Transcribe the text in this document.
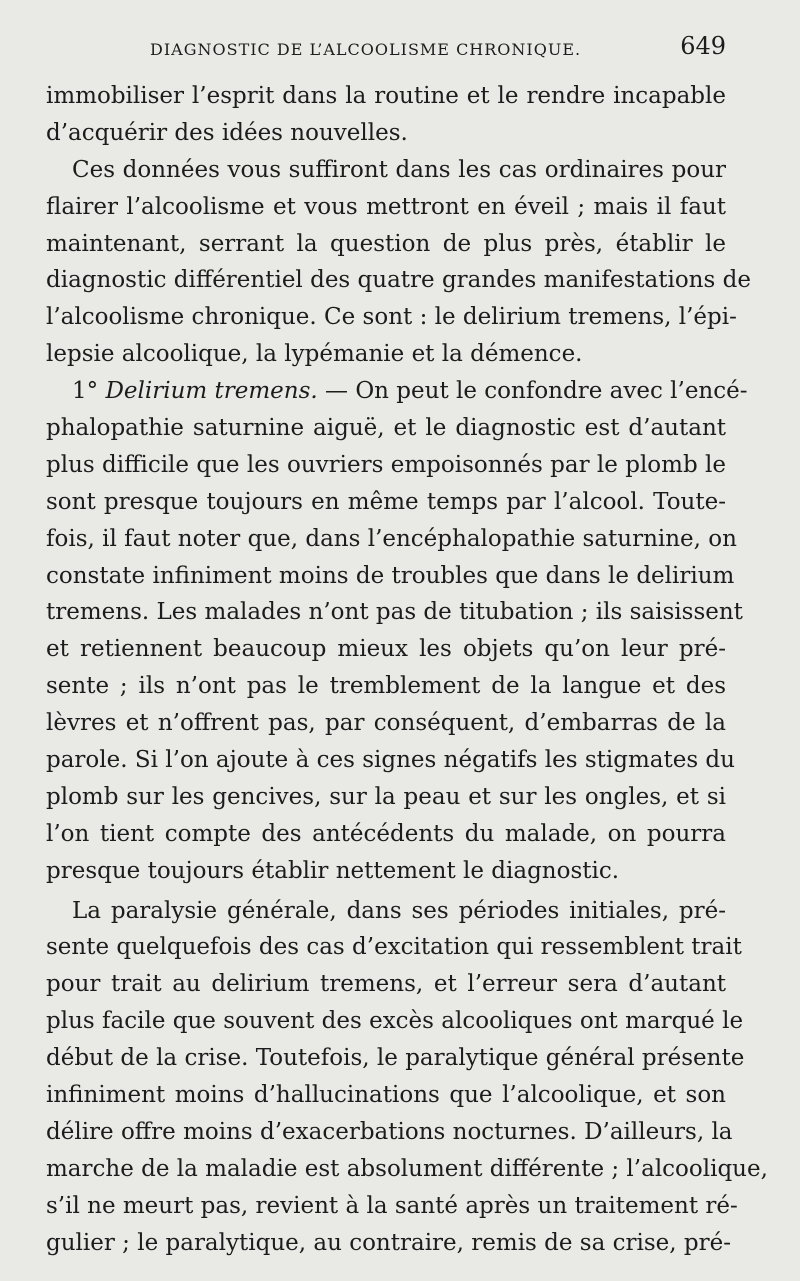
DIAGNOSTIC DE L’ALCOOLISME CHRONIQUE.	649
immobiliser l’esprit dans la routine et le rendre incapable
d’acquérir des idées nouvelles.
Ces données vous suffiront dans les cas ordinaires pour
flairer l’alcoolisme et vous mettront en éveil ; mais il faut
maintenant, serrant la question de plus près, établir le
diagnostic différentiel des quatre grandes manifestations de
l’alcoolisme chronique. Ce sont : le delirium tremens, l’épi-
lepsie alcoolique, la lypémanie et la démence.
1° Delirium tremens. — On peut le confondre avec l’encé-
phalopathie saturnine aiguë, et le diagnostic est d’autant
plus difficile que les ouvriers empoisonnés par le plomb le
sont presque toujours en même temps par l’alcool. Toute-
fois, il faut noter que, dans l’encéphalopathie saturnine, on
constate infiniment moins de troubles que dans le delirium
tremens. Les malades n’ont pas de titubation ; ils saisissent
et retiennent beaucoup mieux les objets qu’on leur pré-
sente ; ils n’ont pas le tremblement de la langue et des
lèvres et n’offrent pas, par conséquent, d’embarras de la
parole. Si l’on ajoute à ces signes négatifs les stigmates du
plomb sur les gencives, sur la peau et sur les ongles, et si
l’on tient compte des antécédents du malade, on pourra
presque toujours établir nettement le diagnostic.
La paralysie générale, dans ses périodes initiales, pré-
sente quelquefois des cas d’excitation qui ressemblent trait
pour trait au delirium tremens, et l’erreur sera d’autant
plus facile que souvent des excès alcooliques ont marqué le
début de la crise. Toutefois, le paralytique général présente
infiniment moins d’hallucinations que l’alcoolique, et son
délire offre moins d’exacerbations nocturnes. D’ailleurs, la
marche de la maladie est absolument différente ; l’alcoolique,
s’il ne meurt pas, revient à la santé après un traitement ré-
gulier ; le paralytique, au contraire, remis de sa crise, pré-
